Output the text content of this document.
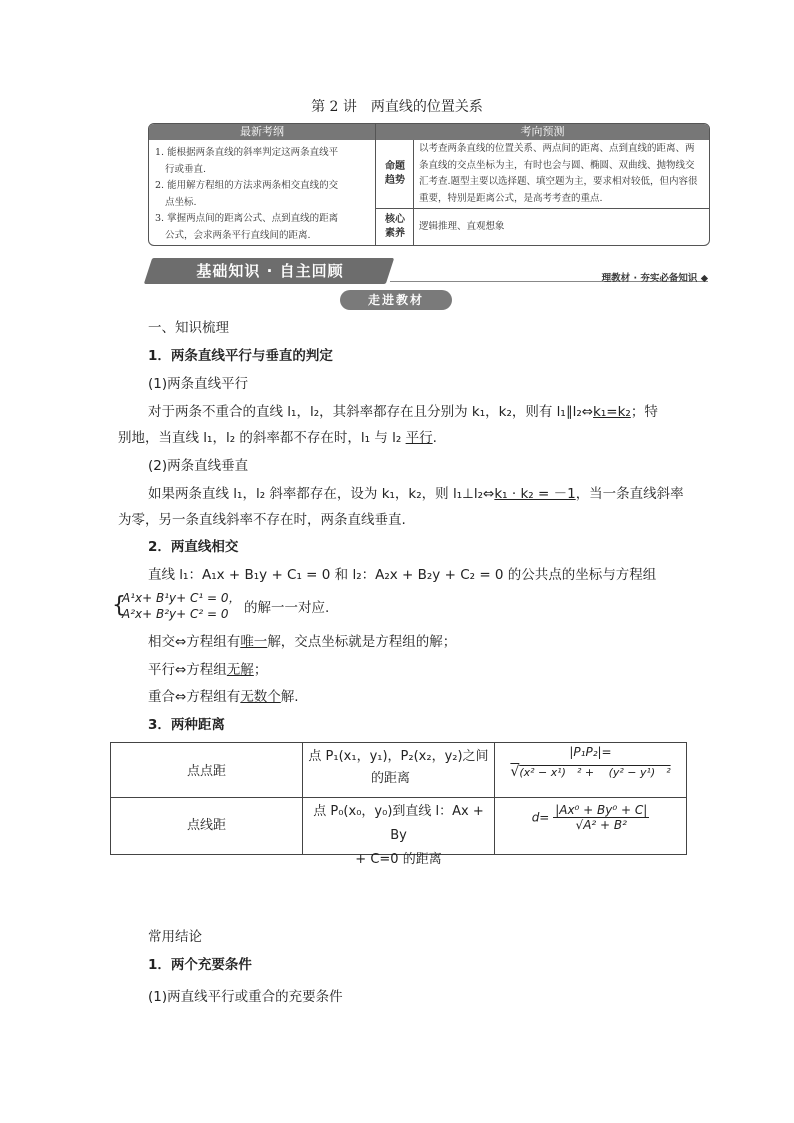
第 2 讲　两直线的位置关系
最新考纲	考向预测
1. 能根据两条直线的斜率判定这两条直线平
行或垂直.
2. 能用解方程组的方法求两条相交直线的交
点坐标.
3. 掌握两点间的距离公式、点到直线的距离
公式，会求两条平行直线间的距离.
命题
趋势
以考查两条直线的位置关系、两点间的距离、点到直线的距离、两
条直线的交点坐标为主，有时也会与圆、椭圆、双曲线、抛物线交
汇考查.题型主要以选择题、填空题为主，要求相对较低，但内容很
重要，特别是距离公式，是高考考查的重点.
核心
素养
逻辑推理、直观想象
基础知识 · 自主回顾	理教材 · 夯实必备知识 ◆
走进教材
一、知识梳理
1．两条直线平行与垂直的判定
(1)两条直线平行
对于两条不重合的直线 l₁，l₂，其斜率都存在且分别为 k₁，k₂，则有 l₁∥l₂⇔k₁=k₂；特
别地，当直线 l₁，l₂ 的斜率都不存在时，l₁ 与 l₂ 平行.
(2)两条直线垂直
如果两条直线 l₁，l₂ 斜率都存在，设为 k₁，k₂，则 l₁⊥l₂⇔k₁ · k₂ = －1，当一条直线斜率
为零，另一条直线斜率不存在时，两条直线垂直.
2．两直线相交
直线 l₁：A₁x + B₁y + C₁ = 0 和 l₂：A₂x + B₂y + C₂ = 0 的公共点的坐标与方程组
{
A¹x+ B¹y+ C¹ = 0，
A²x+ B²y+ C² = 0 的解一一对应.
相交⇔方程组有唯一解，交点坐标就是方程组的解；
平行⇔方程组无解；
重合⇔方程组有无数个解.
3．两种距离
点点距
点 P₁(x₁，y₁)，P₂(x₂，y₂)之间
的距离
|P₁P₂|=
√(x² − x¹)　² + 　(y² − y¹)　²
点线距
点 P₀(x₀，y₀)到直线 l：Ax + By
+ C=0 的距离
$d= \frac{\text{|Ax⁰ + By⁰ + C|}}{\text{√A² + B²}}$
常用结论
1．两个充要条件
(1)两直线平行或重合的充要条件
